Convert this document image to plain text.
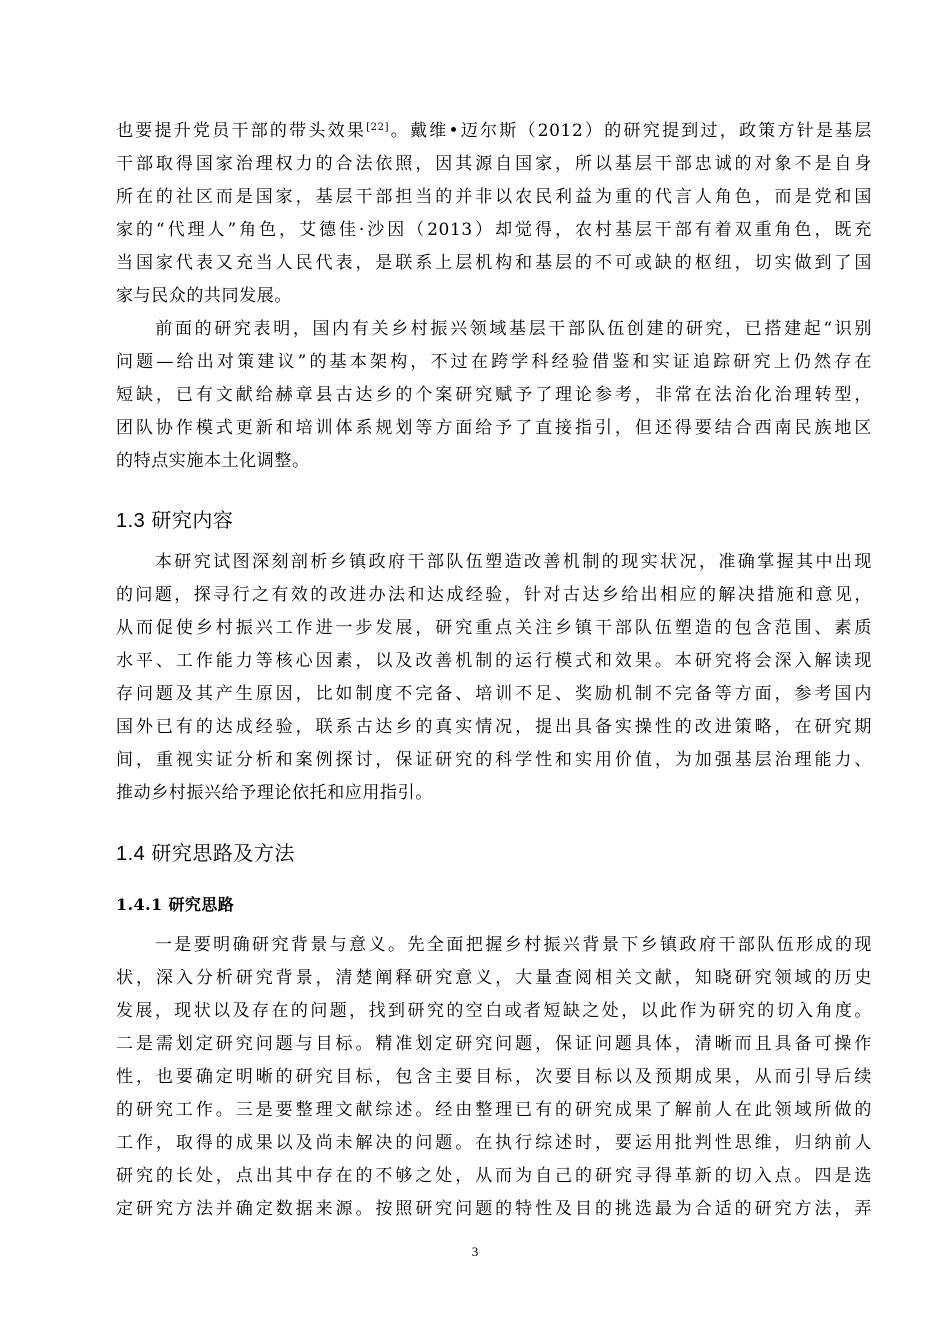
也要提升党员干部的带头效果[22]。戴维•迈尔斯（2012）的研究提到过，政策方针是基层
干部取得国家治理权力的合法依照，因其源自国家，所以基层干部忠诚的对象不是自身
所在的社区而是国家，基层干部担当的并非以农民利益为重的代言人角色，而是党和国
家的“代理人”角色，艾德佳·沙因（2013）却觉得，农村基层干部有着双重角色，既充
当国家代表又充当人民代表，是联系上层机构和基层的不可或缺的枢纽，切实做到了国
家与民众的共同发展。
　　前面的研究表明，国内有关乡村振兴领域基层干部队伍创建的研究，已搭建起“识别
问题—给出对策建议”的基本架构，不过在跨学科经验借鉴和实证追踪研究上仍然存在
短缺，已有文献给赫章县古达乡的个案研究赋予了理论参考，非常在法治化治理转型，
团队协作模式更新和培训体系规划等方面给予了直接指引，但还得要结合西南民族地区
的特点实施本土化调整。
1.3 研究内容
　　本研究试图深刻剖析乡镇政府干部队伍塑造改善机制的现实状况，准确掌握其中出现
的问题，探寻行之有效的改进办法和达成经验，针对古达乡给出相应的解决措施和意见，
从而促使乡村振兴工作进一步发展，研究重点关注乡镇干部队伍塑造的包含范围、素质
水平、工作能力等核心因素，以及改善机制的运行模式和效果。本研究将会深入解读现
存问题及其产生原因，比如制度不完备、培训不足、奖励机制不完备等方面，参考国内
国外已有的达成经验，联系古达乡的真实情况，提出具备实操性的改进策略，在研究期
间，重视实证分析和案例探讨，保证研究的科学性和实用价值，为加强基层治理能力、
推动乡村振兴给予理论依托和应用指引。
1.4 研究思路及方法
1.4.1 研究思路
　　一是要明确研究背景与意义。先全面把握乡村振兴背景下乡镇政府干部队伍形成的现
状，深入分析研究背景，清楚阐释研究意义，大量查阅相关文献，知晓研究领域的历史
发展，现状以及存在的问题，找到研究的空白或者短缺之处，以此作为研究的切入角度。
二是需划定研究问题与目标。精准划定研究问题，保证问题具体，清晰而且具备可操作
性，也要确定明晰的研究目标，包含主要目标，次要目标以及预期成果，从而引导后续
的研究工作。三是要整理文献综述。经由整理已有的研究成果了解前人在此领域所做的
工作，取得的成果以及尚未解决的问题。在执行综述时，要运用批判性思维，归纳前人
研究的长处，点出其中存在的不够之处，从而为自己的研究寻得革新的切入点。四是选
定研究方法并确定数据来源。按照研究问题的特性及目的挑选最为合适的研究方法，弄
3
